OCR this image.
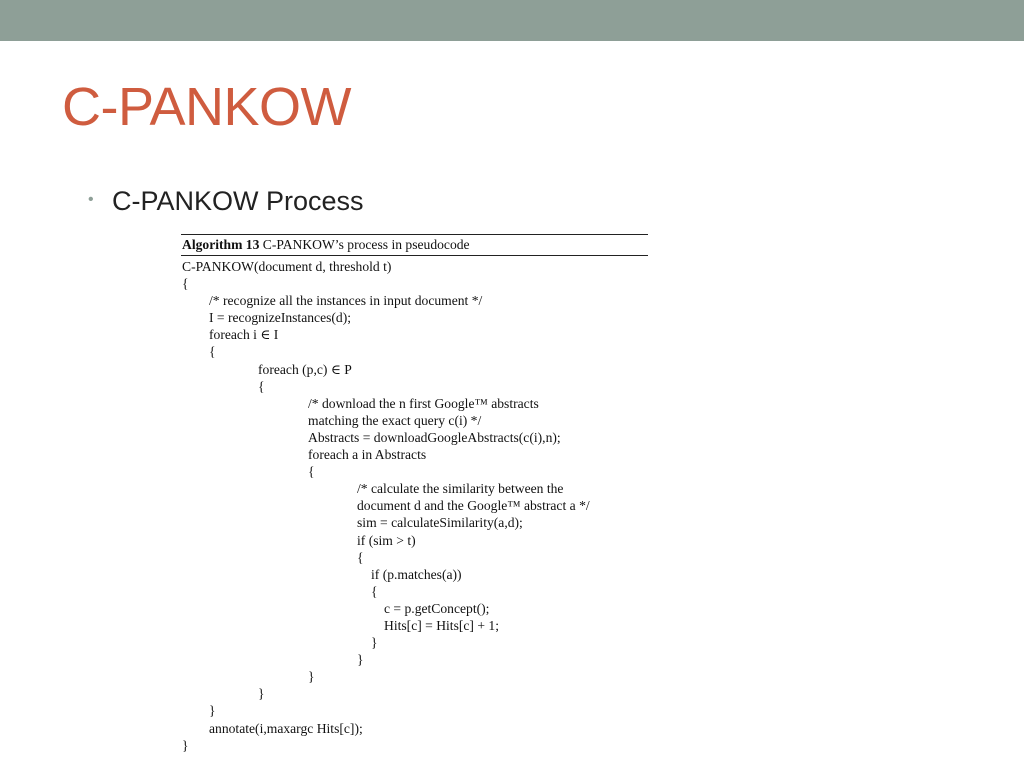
C-PANKOW
• C-PANKOW Process
Algorithm 13 C-PANKOW’s process in pseudocode
C-PANKOW(document d, threshold t)
{
/* recognize all the instances in input document */
I = recognizeInstances(d);
foreach i ∈ I
{
foreach (p,c) ∈ P
{
/* download the n first Google™ abstracts
matching the exact query c(i) */
Abstracts = downloadGoogleAbstracts(c(i),n);
foreach a in Abstracts
{
/* calculate the similarity between the
document d and the Google™ abstract a */
sim = calculateSimilarity(a,d);
if (sim > t)
{
if (p.matches(a))
{
c = p.getConcept();
Hits[c] = Hits[c] + 1;
}
}
}
}
}
annotate(i,maxargc Hits[c]);
}
